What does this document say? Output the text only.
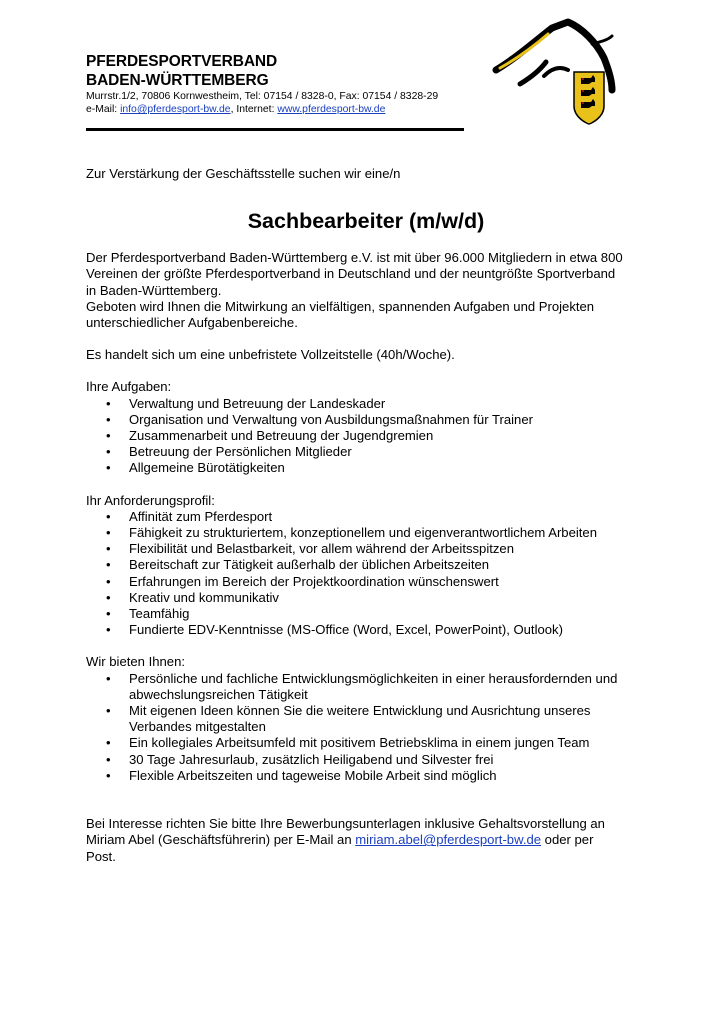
PFERDESPORTVERBAND
BADEN-WÜRTTEMBERG
Murrstr.1/2, 70806 Kornwestheim, Tel: 07154 / 8328-0, Fax: 07154 / 8328-29
e-Mail: info@pferdesport-bw.de, Internet: www.pferdesport-bw.de

Zur Verstärkung der Geschäftsstelle suchen wir eine/n

Sachbearbeiter (m/w/d)
Der Pferdesportverband Baden-Württemberg e.V. ist mit über 96.000 Mitgliedern in etwa 800
Vereinen der größte Pferdesportverband in Deutschland und der neuntgrößte Sportverband
in Baden-Württemberg.
Geboten wird Ihnen die Mitwirkung an vielfältigen, spannenden Aufgaben und Projekten
unterschiedlicher Aufgabenbereiche.

Es handelt sich um eine unbefristete Vollzeitstelle (40h/Woche).

Ihre Aufgaben:

• Verwaltung und Betreuung der Landeskader
• Organisation und Verwaltung von Ausbildungsmaßnahmen für Trainer
• Zusammenarbeit und Betreuung der Jugendgremien
• Betreuung der Persönlichen Mitglieder
• Allgemeine Bürotätigkeiten

Ihr Anforderungsprofil:

• Affinität zum Pferdesport
• Fähigkeit zu strukturiertem, konzeptionellem und eigenverantwortlichem Arbeiten
• Flexibilität und Belastbarkeit, vor allem während der Arbeitsspitzen
• Bereitschaft zur Tätigkeit außerhalb der üblichen Arbeitszeiten
• Erfahrungen im Bereich der Projektkoordination wünschenswert
• Kreativ und kommunikativ
• Teamfähig
• Fundierte EDV-Kenntnisse (MS-Office (Word, Excel, PowerPoint), Outlook)

Wir bieten Ihnen:

• Persönliche und fachliche Entwicklungsmöglichkeiten in einer herausfordernden und
abwechslungsreichen Tätigkeit
• Mit eigenen Ideen können Sie die weitere Entwicklung und Ausrichtung unseres
Verbandes mitgestalten
• Ein kollegiales Arbeitsumfeld mit positivem Betriebsklima in einem jungen Team
• 30 Tage Jahresurlaub, zusätzlich Heiligabend und Silvester frei
• Flexible Arbeitszeiten und tageweise Mobile Arbeit sind möglich
Bei Interesse richten Sie bitte Ihre Bewerbungsunterlagen inklusive Gehaltsvorstellung an
Miriam Abel (Geschäftsführerin) per E-Mail an miriam.abel@pferdesport-bw.de oder per
Post.
